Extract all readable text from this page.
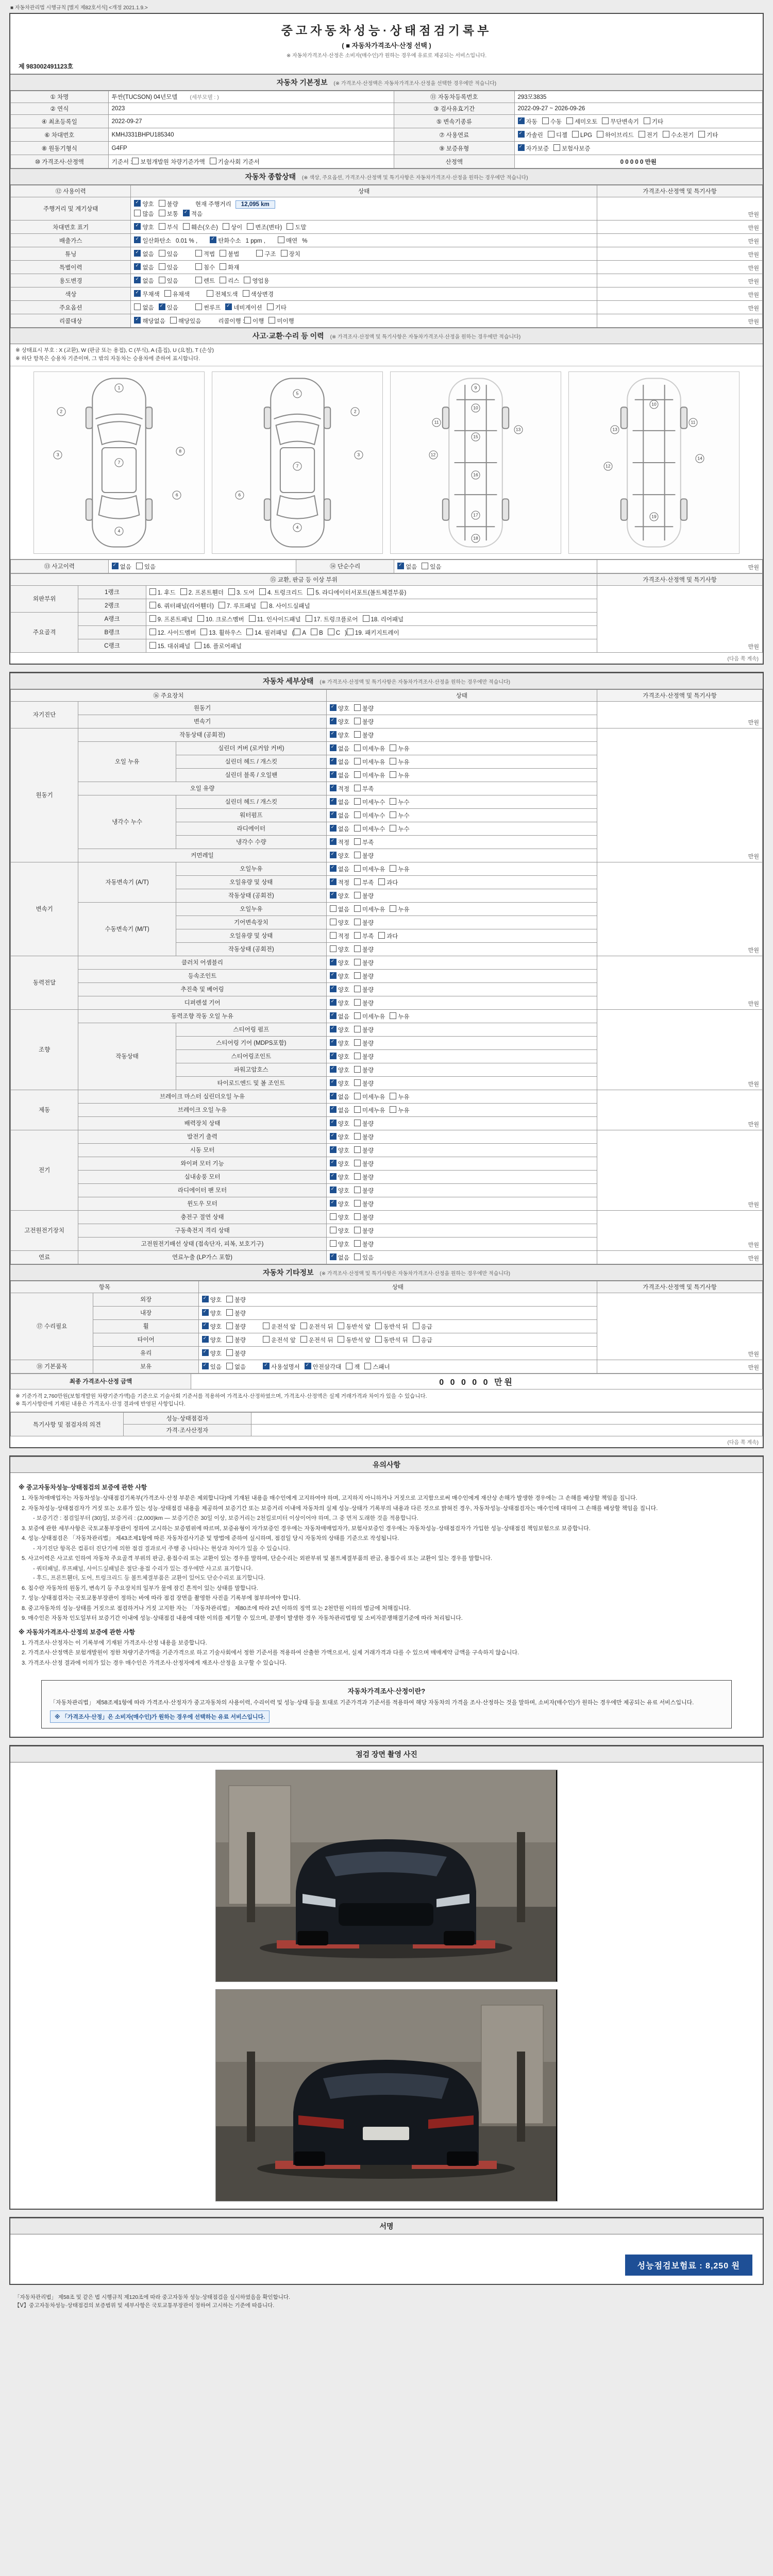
■ 자동차관리법 시행규칙 [별지 제82호서식] <개정 2021.1.9.>
중고자동차성능·상태점검기록부
( ■ 자동차가격조사·산정 선택 )
※ 자동차가격조사·산정은 소비자(매수인)가 원하는 경우에 유료로 제공되는 서비스입니다.
제 983002491123호
자동차 기본정보 (※ 가격조사·산정액은 자동차가격조사·산정을 선택한 경우에만 적습니다)
① 차명	투싼(TUCSON) 04년모델 (세부모델 : )	⑪ 자동차등록번호	293모3835
② 연식	2023	③ 검사유효기간	2022-09-27 ~ 2026-09-26
④ 최초등록일	2022-09-27	⑤ 변속기종류	✓자동 수동 세미오토 무단변속기 기타
⑥ 차대번호	KMHJ331BHPU185340	⑦ 사용연료	✓가솔린 디젤 LPG 하이브리드 전기 수소전기 기타
⑧ 원동기형식	G4FP	⑨ 보증유형	✓자가보증 보험사보증
⑩ 가격조사·산정액	기준서 : 보험개발원 차량기준가액 기술사회 기준서	산정액	0 0 0 0 0 만원
자동차 종합상태 (※ 색상, 주요옵션, 가격조사·산정액 및 특기사항은 자동차가격조사·산정을 원하는 경우에만 적습니다)
⑫ 사용이력	상태	가격조사·산정액 및 특기사항
주행거리 및 계기상태	✓양호 불량 현재 주행거리 12,095 km
많음 보통 ✓ 적음	만원
차대번호 표기	✓양호 부식 훼손(오손) 상이 변조(변타) 도말	만원
배출가스	✓일산화탄소 0.01 % , ✓ 탄화수소 1 ppm , 매연 %	만원
튜닝	✓없음 있음 적법 불법 구조 장치	만원
특별이력	✓없음 있음 침수 화재	만원
용도변경	✓없음 있음 렌트 리스 영업용	만원
색상	✓무채색 유채색 전체도색 색상변경	만원
주요옵션	없음 ✓ 있음 썬루프 ✓ 네비게이션 기타	만원
리콜대상	✓해당없음 해당있음 리콜이행 : 이행 미이행	만원
사고·교환·수리 등 이력 (※ 가격조사·산정액 및 특기사항은 자동차가격조사·산정을 원하는 경우에만 적습니다)
※ 상태표시 부호 : X (교환), W (판금 또는 용접), C (부식), A (흠집), U (요철), T (손상)
※ 하단 항목은 승용차 기준이며, 그 밖의 자동차는 승용차에 준하여 표시합니다.
1
2
3
7
8
6
4
5
2
3
7
6
4
9
10
11
12
13
15
16
17
18
10
11
13
12
14
19
⑬ 사고이력	✓없음 있음	⑭ 단순수리	✓없음 있음	만원
⑮ 교환, 판금 등 이상 부위			가격조사·산정액 및 특기사항
외판부위	1랭크	1. 후드 2. 프론트휀더 3. 도어 4. 트렁크리드 5. 라디에이터서포트(볼트체결부품)	만원
	2랭크	6. 쿼터패널(리어휀더) 7. 루프패널 8. 사이드실패널	
주요골격	A랭크	9. 프론트패널 10. 크로스멤버 11. 인사이드패널 17. 트렁크플로어 18. 리어패널	
	B랭크	12. 사이드멤버 13. 휠하우스 14. 필러패널 ( A B C ) 19. 패키지트레이	
	C랭크	15. 대쉬패널 16. 플로어패널	
(다음 쪽 계속)
자동차 세부상태 (※ 가격조사·산정액 및 특기사항은 자동차가격조사·산정을 원하는 경우에만 적습니다)
⑯ 주요장치			상태	가격조사·산정액 및 특기사항
자기진단	원동기	✓양호 불량	만원
	변속기	✓양호 불량
원동기	작동상태 (공회전)	✓양호 불량	만원
	오일 누유	실린더 커버 (로커암 커버)	✓없음 미세누유 누유
		실린더 헤드 / 개스킷	✓없음 미세누유 누유
		실린더 블록 / 오일팬	✓없음 미세누유 누유
	오일 유량	✓적정 부족
	냉각수 누수	실린더 헤드 / 개스킷	✓없음 미세누수 누수
		워터펌프	✓없음 미세누수 누수
		라디에이터	✓없음 미세누수 누수
		냉각수 수량	✓적정 부족
	커먼레일	✓양호 불량
변속기	자동변속기 (A/T)	오일누유	✓없음 미세누유 누유	만원
		오일유량 및 상태	✓적정 부족 과다
		작동상태 (공회전)	✓양호 불량
	수동변속기 (M/T)	오일누유	없음 미세누유 누유	
		기어변속장치	양호 불량	
		오일유량 및 상태	적정 부족 과다	
		작동상태 (공회전)	양호 불량	
동력전달	클러치 어셈블리	✓양호 불량	만원
	등속조인트	✓양호 불량
	추진축 및 베어링	✓양호 불량
	디퍼렌셜 기어	✓양호 불량
조향	동력조향 작동 오일 누유	✓없음 미세누유 누유	만원
	작동상태	스티어링 펌프	✓양호 불량
		스티어링 기어 (MDPS포함)	✓양호 불량
		스티어링조인트	✓양호 불량
		파워고압호스	✓양호 불량
		타이로드엔드 및 볼 조인트	✓양호 불량
제동	브레이크 마스터 실린더오일 누유	✓없음 미세누유 누유	만원
	브레이크 오일 누유	✓없음 미세누유 누유
	배력장치 상태	✓양호 불량
전기	발전기 출력	✓양호 불량	만원
	시동 모터	✓양호 불량
	와이퍼 모터 기능	✓양호 불량
	실내송풍 모터	✓양호 불량
	라디에이터 팬 모터	✓양호 불량
	윈도우 모터	✓양호 불량
고전원전기장치	충전구 절연 상태		양호 불량	만원
	구동축전지 격리 상태		양호 불량	
	고전원전기배선 상태 (접속단자, 피복, 보호기구)		양호 불량	
연료	연료누출 (LP가스 포함)	✓없음 있음	만원
자동차 기타정보 (※ 가격조사·산정액 및 특기사항은 자동차가격조사·산정을 원하는 경우에만 적습니다)
항목		상태	가격조사·산정액 및 특기사항
⑰ 수리필요	외장	✓양호 불량	만원
	내장	✓양호 불량
	휠	✓양호 불량 운전석 앞 운전석 뒤 동반석 앞 동반석 뒤 응급
	타이어	✓양호 불량 운전석 앞 운전석 뒤 동반석 앞 동반석 뒤 응급
	유리	✓양호 불량
⑱ 기본품목	보유	✓있음 없음 ✓ 사용설명서 ✓ 안전삼각대 잭 스패너	만원
최종 가격조사·산정 금액	0 0 0 0 0 만원
※ 기준가격 2,760만원(보험개발원 차량기준가액)을 기준으로 기술사회 기준서를 적용하여 가격조사·산정하였으며, 가격조사·산정액은 실제 거래가격과 차이가 있을 수 있습니다.
※ 특기사항란에 기재된 내용은 가격조사·산정 결과에 반영된 사항입니다.
특기사항 및 점검자의 의견	성능·상태점검자	
	가격·조사산정자	
(다음 쪽 계속)
유의사항
※ 중고자동차성능·상태점검의 보증에 관한 사항
1. 자동차매매업자는 자동차성능·상태점검기록부(가격조사·산정 부분은 제외합니다)에 기재된 내용을 매수인에게 고지하여야 하며, 고지하지 아니하거나 거짓으로 고지함으로써 매수인에게 재산상 손해가 발생한 경우에는 그 손해를 배상할 책임을 집니다.
2. 자동차성능·상태점검자가 거짓 또는 오류가 있는 성능·상태점검 내용을 제공하여 보증기간 또는 보증거리 이내에 자동차의 실제 성능·상태가 기록부의 내용과 다른 것으로 밝혀진 경우, 자동차성능·상태점검자는 매수인에 대하여 그 손해를 배상할 책임을 집니다.
- 보증기간 : 점검일부터 (30)일, 보증거리 : (2,000)km — 보증기간은 30일 이상, 보증거리는 2천킬로미터 이상이어야 하며, 그 중 먼저 도래한 것을 적용합니다.
3. 보증에 관한 세부사항은 국토교통부장관이 정하여 고시하는 보증범위에 따르며, 보증유형이 자가보증인 경우에는 자동차매매업자가, 보험사보증인 경우에는 자동차성능·상태점검자가 가입한 성능·상태점검 책임보험으로 보증합니다.
4. 성능·상태점검은 「자동차관리법」 제43조제1항에 따른 자동차검사기준 및 방법에 준하여 실시하며, 점검일 당시 자동차의 상태를 기준으로 작성됩니다.
- 자기진단 항목은 컴퓨터 진단기에 의한 점검 결과로서 주행 중 나타나는 현상과 차이가 있을 수 있습니다.
5. 사고이력은 사고로 인하여 자동차 주요골격 부위의 판금, 용접수리 또는 교환이 있는 경우를 말하며, 단순수리는 외판부위 및 볼트체결부품의 판금, 용접수리 또는 교환이 있는 경우를 말합니다.
- 쿼터패널, 루프패널, 사이드실패널은 절단·용접 수리가 있는 경우에만 사고로 표기합니다.
- 후드, 프론트휀더, 도어, 트렁크리드 등 볼트체결부품은 교환이 있어도 단순수리로 표기합니다.
6. 침수란 자동차의 원동기, 변속기 등 주요장치의 일부가 물에 잠긴 흔적이 있는 상태를 말합니다.
7. 성능·상태점검자는 국토교통부장관이 정하는 바에 따라 점검 장면을 촬영한 사진을 기록부에 첨부하여야 합니다.
8. 중고자동차의 성능·상태를 거짓으로 점검하거나 거짓 고지한 자는 「자동차관리법」 제80조에 따라 2년 이하의 징역 또는 2천만원 이하의 벌금에 처해집니다.
9. 매수인은 자동차 인도일부터 보증기간 이내에 성능·상태점검 내용에 대한 이의를 제기할 수 있으며, 분쟁이 발생한 경우 자동차관리법령 및 소비자분쟁해결기준에 따라 처리됩니다.
※ 자동차가격조사·산정의 보증에 관한 사항
1. 가격조사·산정자는 이 기록부에 기재된 가격조사·산정 내용을 보증합니다.
2. 가격조사·산정액은 보험개발원이 정한 차량기준가액을 기준가격으로 하고 기술사회에서 정한 기준서를 적용하여 산출한 가액으로서, 실제 거래가격과 다를 수 있으며 매매계약 금액을 구속하지 않습니다.
3. 가격조사·산정 결과에 이의가 있는 경우 매수인은 가격조사·산정자에게 재조사·산정을 요구할 수 있습니다.
자동차가격조사·산정이란?
「자동차관리법」 제58조제1항에 따라 가격조사·산정자가 중고자동차의 사용이력, 수리이력 및 성능·상태 등을 토대로 기준가격과 기준서를 적용하여 해당 자동차의 가격을 조사·산정하는 것을 말하며, 소비자(매수인)가 원하는 경우에만 제공되는 유료 서비스입니다.
※ 「가격조사·산정」은 소비자(매수인)가 원하는 경우에 선택하는 유료 서비스입니다.
점검 장면 촬영 사진
서명
성능점검보험료 : 8,250 원
「자동차관리법」 제58조 및 같은 법 시행규칙 제120조에 따라 중고자동차 성능·상태점검을 실시하였음을 확인합니다.
【Ⅴ】중고자동차성능·상태점검의 보증범위 및 세부사항은 국토교통부장관이 정하여 고시하는 기준에 따릅니다.
